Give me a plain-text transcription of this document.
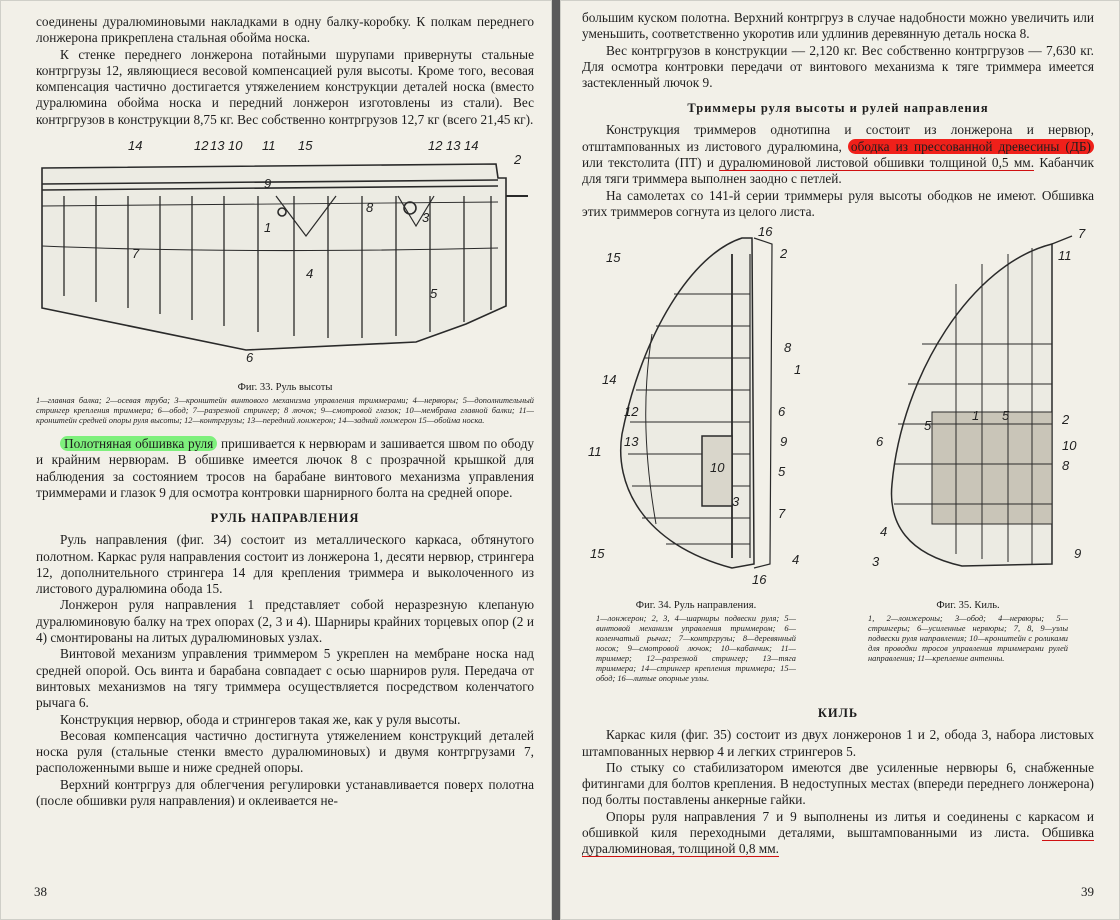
соединены дуралюминовыми накладками в одну балку-коробку. К полкам переднего лонжерона прикреплена стальная обойма носка.

К стенке переднего лонжерона потайными шурупами привернуты стальные контргрузы 12, являющиеся весовой компенсацией руля высоты. Кроме того, весовая компенсация частично достигается утяжелением конструкции деталей носка (вместо дуралюмина обойма носка и передний лонжерон изготовлены из стали). Вес контргрузов в конструкции 8,75 кг. Вес собственно контргрузов 12,7 кг (всего 21,45 кг).

14	12 13 10 11 15	12 13 14
2
9
1
8
3
7
4
5
6
Фиг. 33. Руль высоты
1—главная балка; 2—осевая труба; 3—кронштейн винтового механизма управления триммерами; 4—нервюры; 5—дополнительный стрингер крепления триммера; 6—обод; 7—разрезной стрингер; 8 лючок; 9—смотровой глазок; 10—мембрана главной балки; 11—кронштейн средней опоры руля высоты; 12—контргрузы; 13—передний лонжерон; 14—задний лонжерон 15—обойма носка.

Полотняная обшивка руля пришивается к нервюрам и зашивается швом по ободу и крайним нервюрам. В обшивке имеется лючок 8 с прозрачной крышкой для наблюдения за состоянием тросов на барабане винтового механизма управления триммерами и глазок 9 для осмотра контровки шарнирного болта на средней опоре.

РУЛЬ НАПРАВЛЕНИЯ

Руль направления (фиг. 34) состоит из металлического каркаса, обтянутого полотном. Каркас руля направления состоит из лонжерона 1, десяти нервюр, стрингера 12, дополнительного стрингера 14 для крепления триммера и выколоченного из листового дуралюмина обода 15.

Лонжерон руля направления 1 представляет собой неразрезную клепаную дуралюминовую балку на трех опорах (2, 3 и 4). Шарниры крайних торцевых опор (2 и 4) смонтированы на литых дуралюминовых узлах.

Винтовой механизм управления триммером 5 укреплен на мембране носка над средней опорой. Ось винта и барабана совпадает с осью шарниров руля. Передача от винтовых механизмов на тягу триммера осуществляется посредством коленчатого рычага 6.

Конструкция нервюр, обода и стрингеров такая же, как у руля высоты.

Весовая компенсация частично достигнута утяжелением конструкций деталей носка руля (стальные стенки вместо дуралюминовых) и двумя контргрузами 7, расположенными выше и ниже средней опоры.

Верхний контргруз для облегчения регулировки устанавливается поверх полотна (после обшивки руля направления) и оклеивается не-

38

большим куском полотна. Верхний контргруз в случае надобности можно увеличить или уменьшить, соответственно укоротив или удлинив деревянную деталь носка 8.

Вес контргрузов в конструкции — 2,120 кг. Вес собственно контргрузов — 7,630 кг. Для осмотра контровки передачи от винтового механизма к тяге триммера имеется застекленный лючок 9.

Триммеры руля высоты и рулей направления

Конструкция триммеров однотипна и состоит из лонжерона и нервюр, отштампованных из листового дуралюмина, ободка из прессованной древесины (ДБ) или текстолита (ПТ) и дуралюминовой листовой обшивки толщиной 0,5 мм. Кабанчик для тяги триммера выполнен заодно с петлей.

На самолетах со 141-й серии триммеры руля высоты ободков не имеют. Обшивка этих триммеров согнута из целого листа.

16
2
15
8
1
14
6
12
9
13
11
10	5
3
7
15	4
16
7
11
5
1 5	2
6	10
8
4
3
9
Фиг. 34. Руль направления.
1—лонжерон; 2, 3, 4—шарниры подвески руля; 5—винтовой механизм управления триммером; 6—коленчатый рычаг; 7—контргрузы; 8—деревянный носок; 9—смотровой лючок; 10—кабанчик; 11—триммер; 12—разрезной стрингер; 13—тяга триммера; 14—стрингер крепления триммера; 15—обод; 16—литые опорные узлы.
Фиг. 35. Киль.
1, 2—лонжероны; 3—обод; 4—нервюры; 5—стрингеры; 6—усиленные нервюры; 7, 8, 9—узлы подвески руля направления; 10—кронштейн с роликами для проводки тросов управления триммерами рулей направления; 11—крепление антенны.
КИЛЬ

Каркас киля (фиг. 35) состоит из двух лонжеронов 1 и 2, обода 3, набора листовых штампованных нервюр 4 и легких стрингеров 5.

По стыку со стабилизатором имеются две усиленные нервюры 6, снабженные фитингами для болтов крепления. В недоступных местах (впереди переднего лонжерона) под болты поставлены анкерные гайки.

Опоры руля направления 7 и 9 выполнены из литья и соединены с каркасом и обшивкой киля переходными деталями, выштампованными из листа. Обшивка дуралюминовая, толщиной 0,8 мм.

39
